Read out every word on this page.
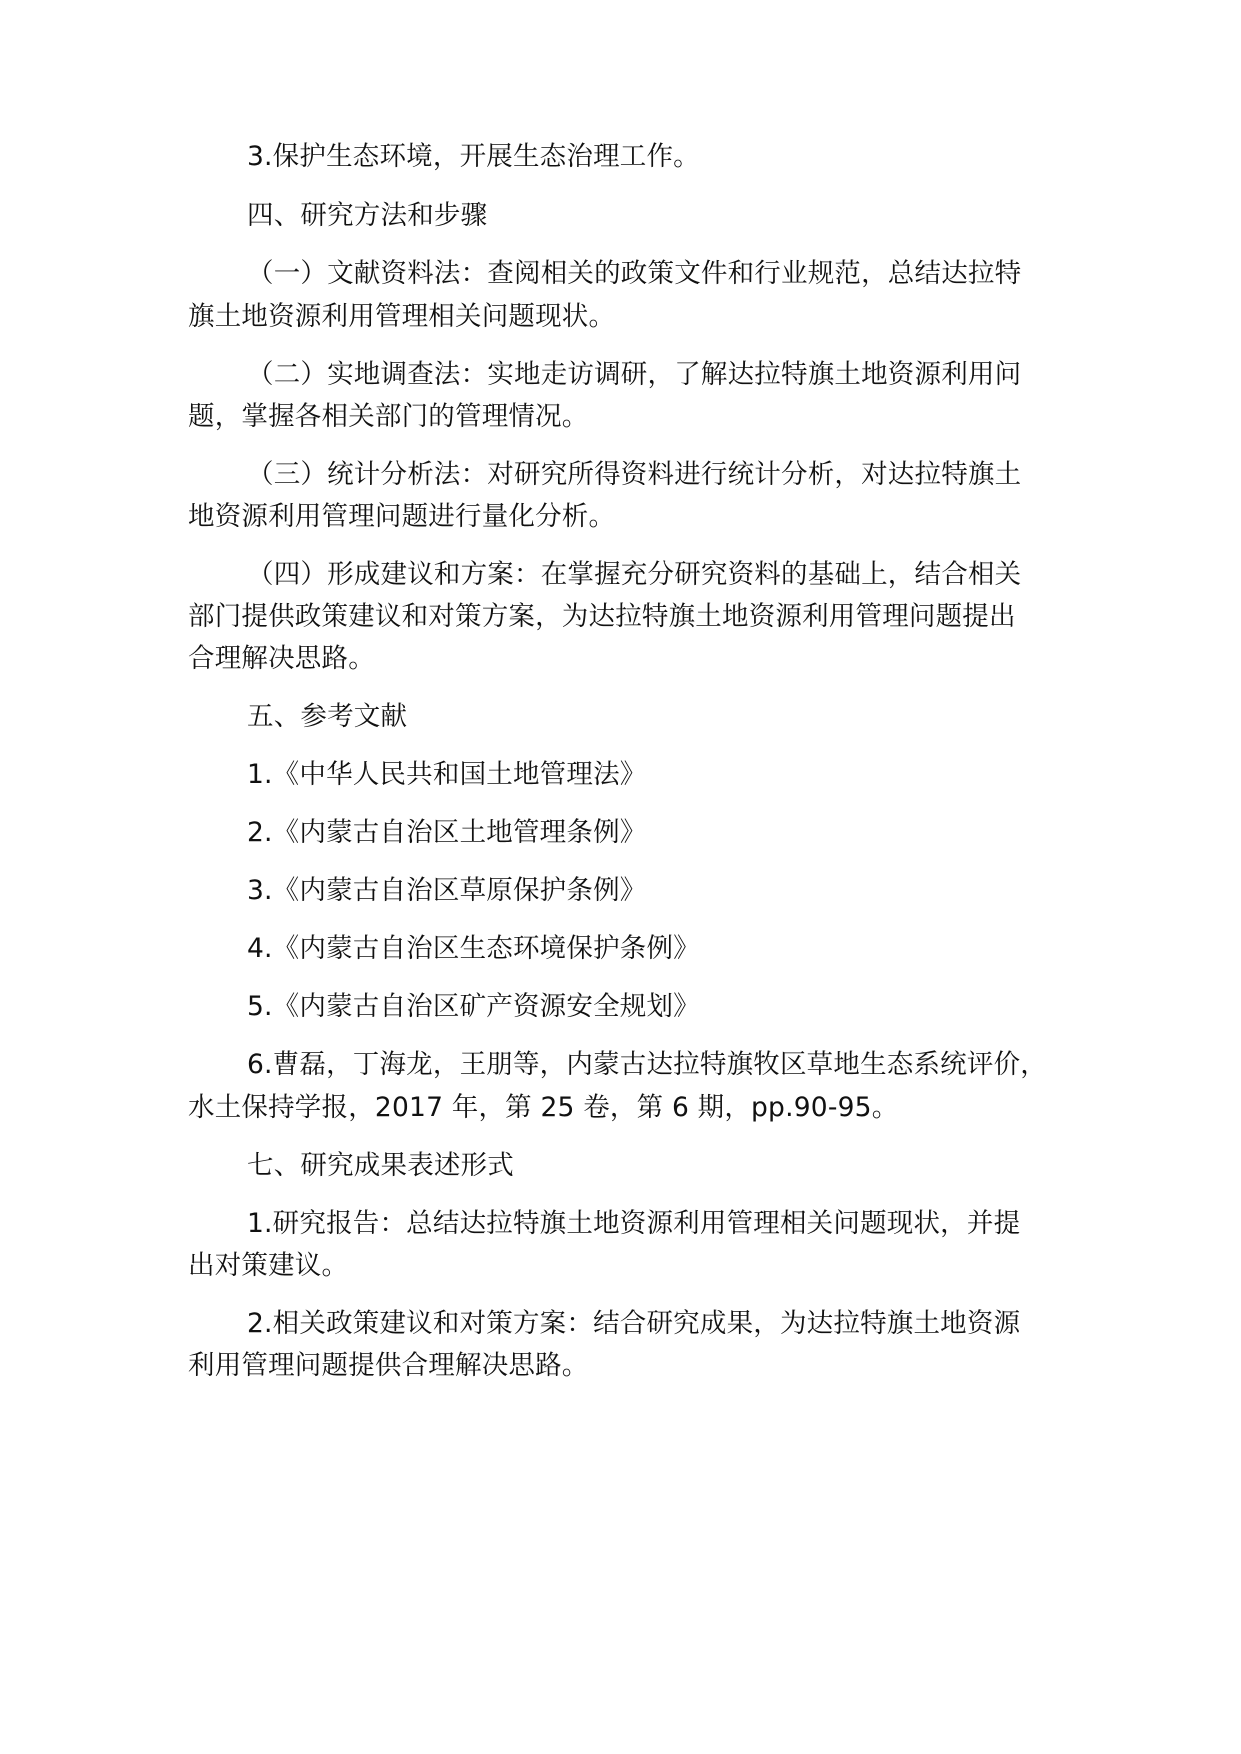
3.保护生态环境，开展生态治理工作。
四、研究方法和步骤
（一）文献资料法：查阅相关的政策文件和行业规范，总结达拉特
旗土地资源利用管理相关问题现状。
（二）实地调查法：实地走访调研，了解达拉特旗土地资源利用问
题，掌握各相关部门的管理情况。
（三）统计分析法：对研究所得资料进行统计分析，对达拉特旗土
地资源利用管理问题进行量化分析。
（四）形成建议和方案：在掌握充分研究资料的基础上，结合相关
部门提供政策建议和对策方案，为达拉特旗土地资源利用管理问题提出
合理解决思路。
五、参考文献
1.《中华人民共和国土地管理法》
2.《内蒙古自治区土地管理条例》
3.《内蒙古自治区草原保护条例》
4.《内蒙古自治区生态环境保护条例》
5.《内蒙古自治区矿产资源安全规划》
6.曹磊，丁海龙，王朋等，内蒙古达拉特旗牧区草地生态系统评价，
水土保持学报，2017 年，第 25 卷，第 6 期，pp.90-95。
七、研究成果表述形式
1.研究报告：总结达拉特旗土地资源利用管理相关问题现状，并提
出对策建议。
2.相关政策建议和对策方案：结合研究成果，为达拉特旗土地资源
利用管理问题提供合理解决思路。
